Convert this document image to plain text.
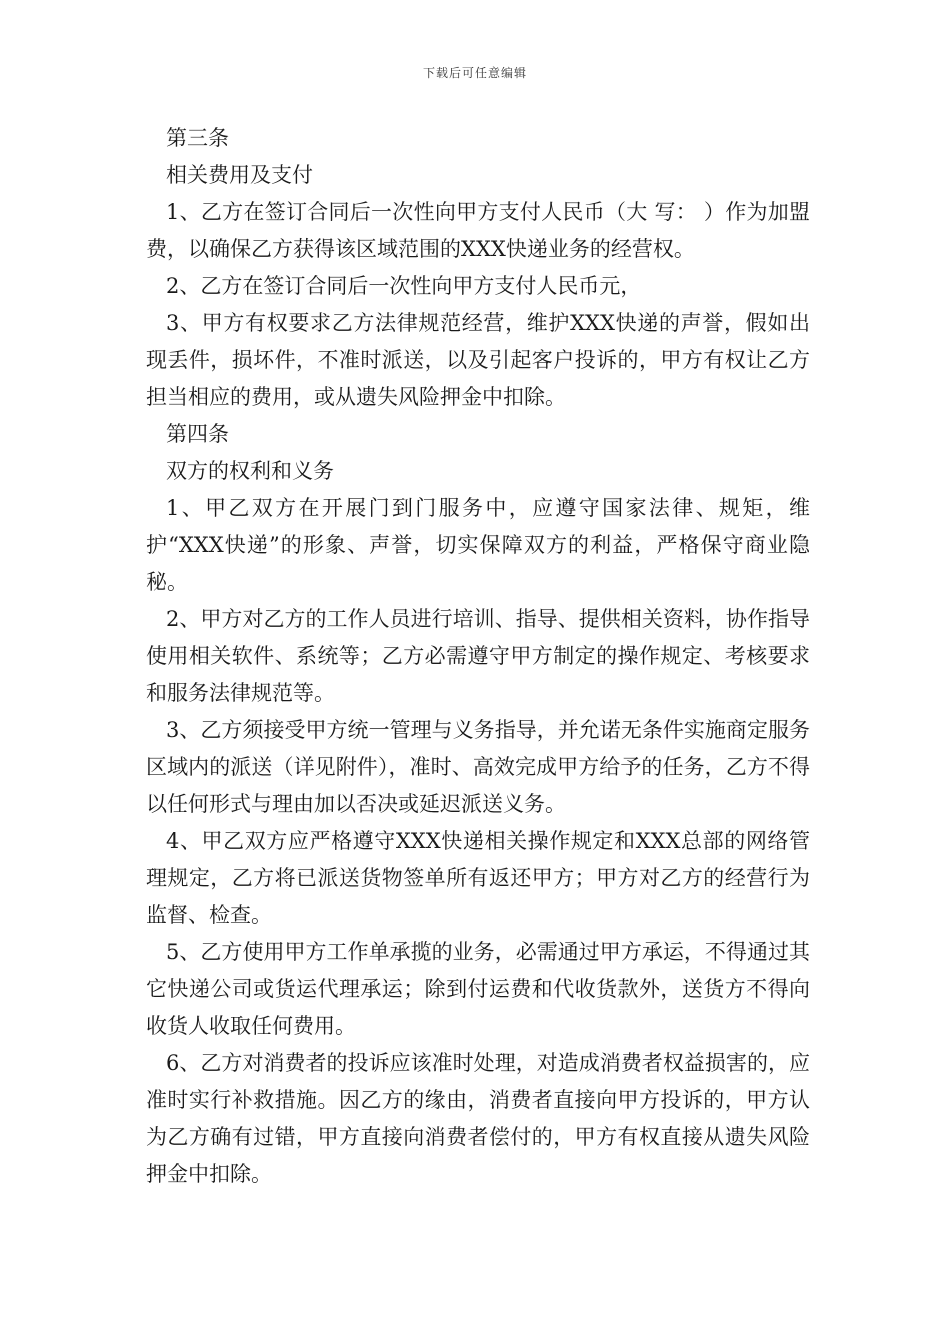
下载后可任意编辑

第三条

相关费用及支付

1、乙方在签订合同后一次性向甲方支付人民币（大 写： ）作为加盟费，以确保乙方获得该区域范围的XXX快递业务的经营权。

2、乙方在签订合同后一次性向甲方支付人民币元，

3、甲方有权要求乙方法律规范经营，维护XXX快递的声誉，假如出现丢件，损坏件，不准时派送，以及引起客户投诉的，甲方有权让乙方担当相应的费用，或从遗失风险押金中扣除。

第四条

双方的权利和义务

1、甲乙双方在开展门到门服务中，应遵守国家法律、规矩，维护“XXX快递”的形象、声誉，切实保障双方的利益，严格保守商业隐秘。

2、甲方对乙方的工作人员进行培训、指导、提供相关资料，协作指导使用相关软件、系统等；乙方必需遵守甲方制定的操作规定、考核要求和服务法律规范等。

3、乙方须接受甲方统一管理与义务指导，并允诺无条件实施商定服务区域内的派送（详见附件），准时、高效完成甲方给予的任务，乙方不得以任何形式与理由加以否决或延迟派送义务。

4、甲乙双方应严格遵守XXX快递相关操作规定和XXX总部的网络管理规定，乙方将已派送货物签单所有返还甲方；甲方对乙方的经营行为监督、检查。

5、乙方使用甲方工作单承揽的业务，必需通过甲方承运，不得通过其它快递公司或货运代理承运；除到付运费和代收货款外，送货方不得向收货人收取任何费用。

6、乙方对消费者的投诉应该准时处理，对造成消费者权益损害的，应准时实行补救措施。因乙方的缘由，消费者直接向甲方投诉的，甲方认为乙方确有过错，甲方直接向消费者偿付的，甲方有权直接从遗失风险押金中扣除。
